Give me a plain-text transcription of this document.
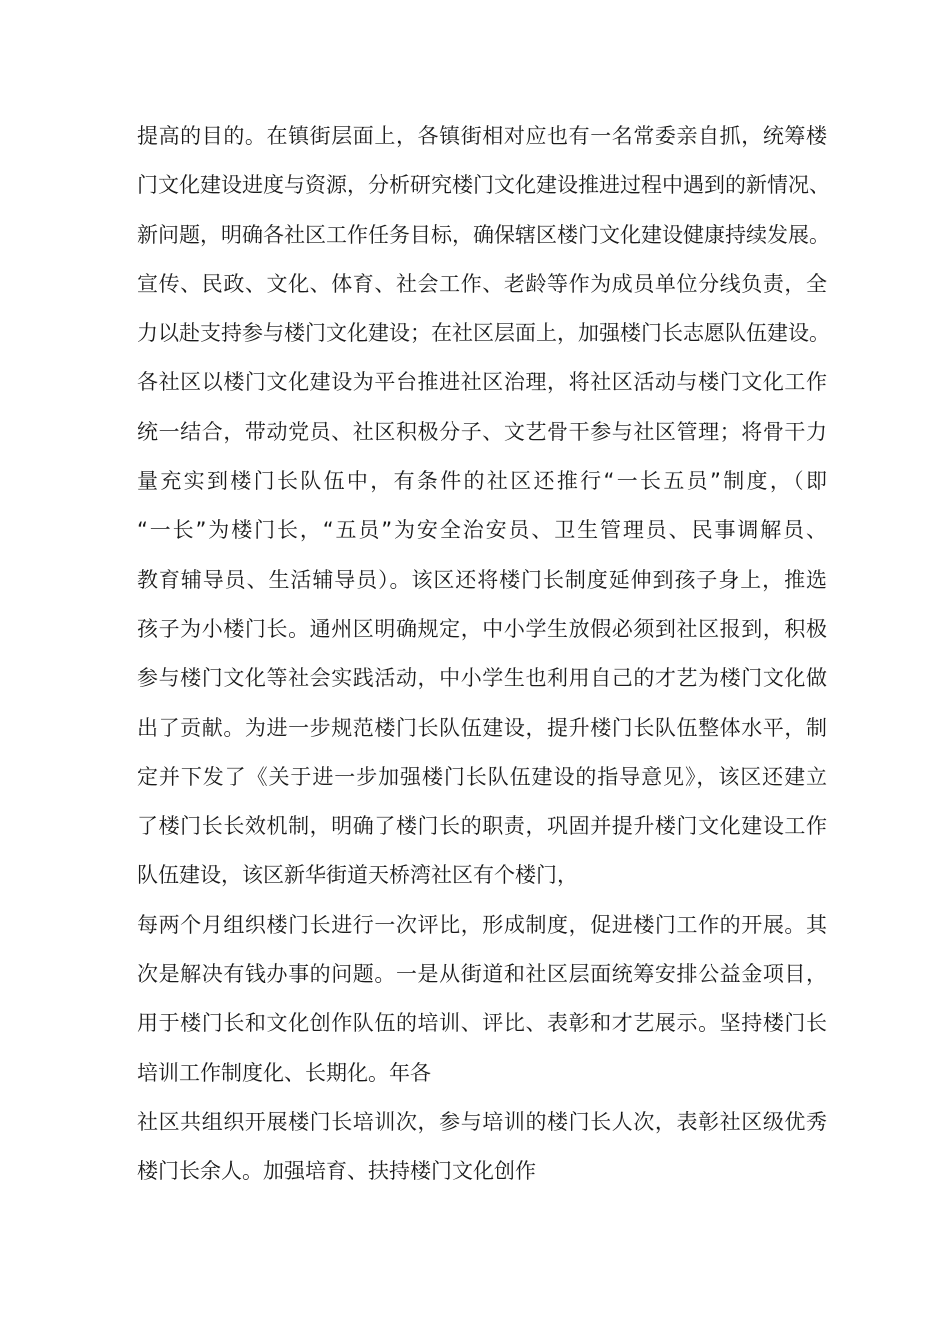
提高的目的。在镇街层面上，各镇街相对应也有一名常委亲自抓，统筹楼
门文化建设进度与资源，分析研究楼门文化建设推进过程中遇到的新情况、
新问题，明确各社区工作任务目标，确保辖区楼门文化建设健康持续发展。
宣传、民政、文化、体育、社会工作、老龄等作为成员单位分线负责，全
力以赴支持参与楼门文化建设；在社区层面上，加强楼门长志愿队伍建设。
各社区以楼门文化建设为平台推进社区治理，将社区活动与楼门文化工作
统一结合，带动党员、社区积极分子、文艺骨干参与社区管理；将骨干力
量充实到楼门长队伍中，有条件的社区还推行“一长五员”制度，（即
“一长”为楼门长，“五员”为安全治安员、卫生管理员、民事调解员、
教育辅导员、生活辅导员）。该区还将楼门长制度延伸到孩子身上，推选
孩子为小楼门长。通州区明确规定，中小学生放假必须到社区报到，积极
参与楼门文化等社会实践活动，中小学生也利用自己的才艺为楼门文化做
出了贡献。为进一步规范楼门长队伍建设，提升楼门长队伍整体水平，制
定并下发了《关于进一步加强楼门长队伍建设的指导意见》，该区还建立
了楼门长长效机制，明确了楼门长的职责，巩固并提升楼门文化建设工作
队伍建设，该区新华街道天桥湾社区有个楼门，
每两个月组织楼门长进行一次评比，形成制度，促进楼门工作的开展。其
次是解决有钱办事的问题。一是从街道和社区层面统筹安排公益金项目，
用于楼门长和文化创作队伍的培训、评比、表彰和才艺展示。坚持楼门长
培训工作制度化、长期化。年各
社区共组织开展楼门长培训次，参与培训的楼门长人次，表彰社区级优秀
楼门长余人。加强培育、扶持楼门文化创作
